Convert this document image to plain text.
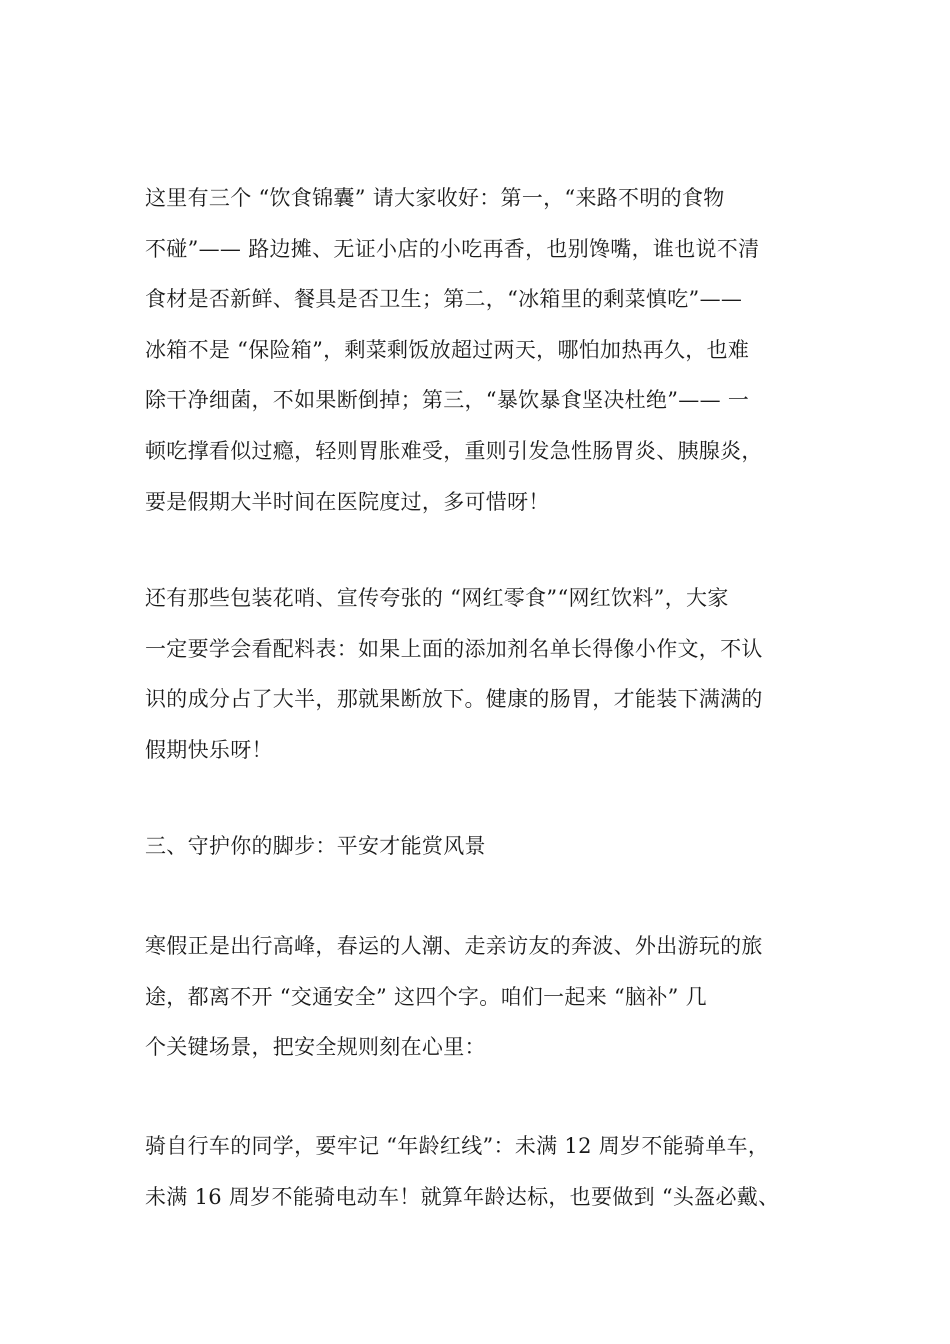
这里有三个 “饮食锦囊” 请大家收好：第一，“来路不明的食物
不碰”—— 路边摊、无证小店的小吃再香，也别馋嘴，谁也说不清
食材是否新鲜、餐具是否卫生；第二，“冰箱里的剩菜慎吃”——
冰箱不是 “保险箱”，剩菜剩饭放超过两天，哪怕加热再久，也难
除干净细菌，不如果断倒掉；第三，“暴饮暴食坚决杜绝”—— 一
顿吃撑看似过瘾，轻则胃胀难受，重则引发急性肠胃炎、胰腺炎，
要是假期大半时间在医院度过，多可惜呀！
还有那些包装花哨、宣传夸张的 “网红零食”“网红饮料”，大家
一定要学会看配料表：如果上面的添加剂名单长得像小作文，不认
识的成分占了大半，那就果断放下。健康的肠胃，才能装下满满的
假期快乐呀！
三、守护你的脚步：平安才能赏风景
寒假正是出行高峰，春运的人潮、走亲访友的奔波、外出游玩的旅
途，都离不开 “交通安全” 这四个字。咱们一起来 “脑补” 几
个关键场景，把安全规则刻在心里：
骑自行车的同学，要牢记 “年龄红线”：未满 12 周岁不能骑单车，
未满 16 周岁不能骑电动车！就算年龄达标，也要做到 “头盔必戴、
